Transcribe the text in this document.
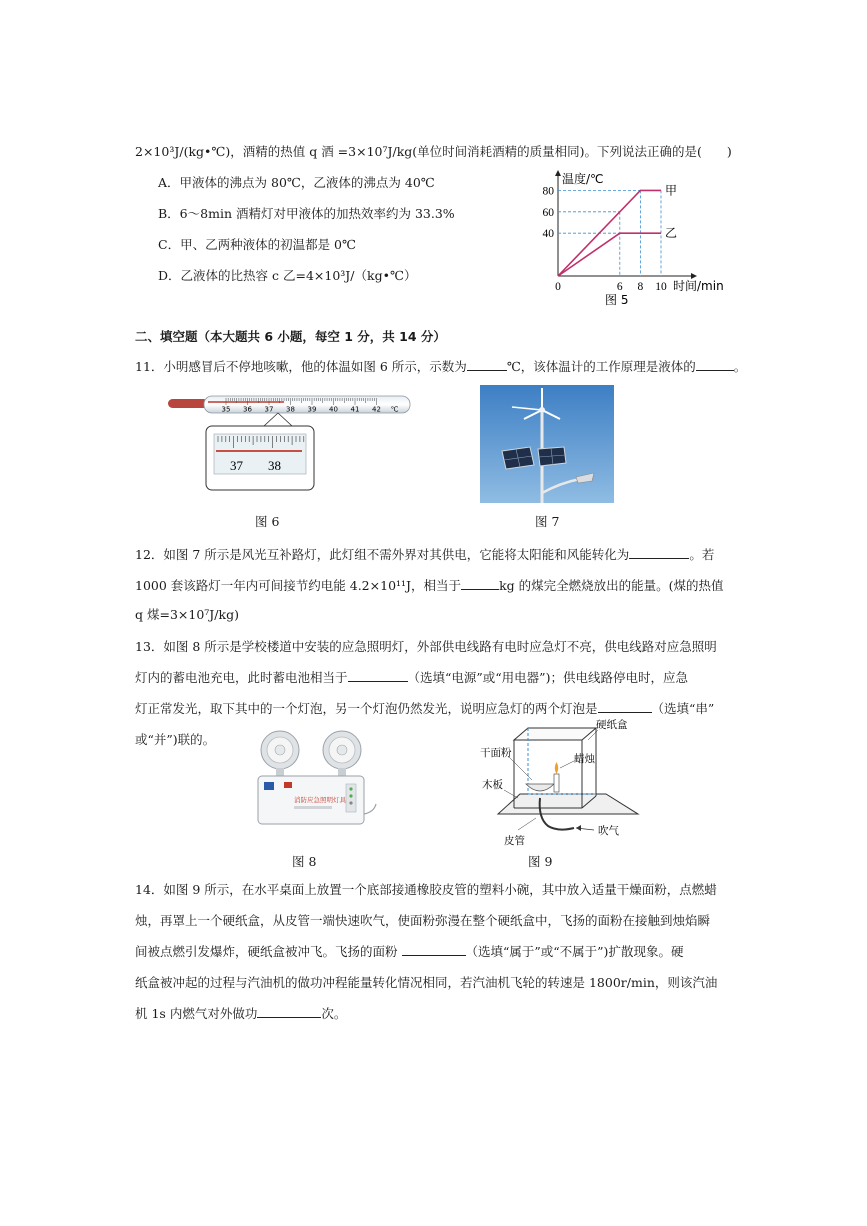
2×10³J/(kg•℃)，酒精的热值 q 酒 =3×10⁷J/kg(单位时间消耗酒精的质量相同)。下列说法正确的是(　　)
A．甲液体的沸点为 80℃，乙液体的沸点为 40℃
B．6～8min 酒精灯对甲液体的加热效率约为 33.3%
C．甲、乙两种液体的初温都是 0℃
D．乙液体的比热容 c 乙=4×10³J/（kg•℃）
温度/℃
时间/min
40
60
80
0	6 8 10
甲
乙
图 5
二、填空题（本大题共 6 小题，每空 1 分，共 14 分）
11．小明感冒后不停地咳嗽，他的体温如图 6 所示，示数为	℃，该体温计的工作原理是液体的	。
35 36 37 38 39 40 41 42 ℃
37 38
图 6	图 7
12．如图 7 所示是风光互补路灯，此灯组不需外界对其供电，它能将太阳能和风能转化为	。若
1000 套该路灯一年内可间接节约电能 4.2×10¹¹J，相当于	kg 的煤完全燃烧放出的能量。(煤的热值
q 煤=3×10⁷J/kg)
13．如图 8 所示是学校楼道中安装的应急照明灯，外部供电线路有电时应急灯不亮，供电线路对应急照明
灯内的蓄电池充电，此时蓄电池相当于	（选填“电源”或“用电器”)；供电线路停电时，应急
灯正常发光，取下其中的一个灯泡，另一个灯泡仍然发光，说明应急灯的两个灯泡是	（选填“串”
或“并”)联的。
消防应急照明灯具
图 8
硬纸盒
蜡烛
干面粉
木板
皮管
吹气
图 9
14．如图 9 所示，在水平桌面上放置一个底部接通橡胶皮管的塑料小碗，其中放入适量干燥面粉，点燃蜡
烛，再罩上一个硬纸盒，从皮管一端快速吹气，使面粉弥漫在整个硬纸盒中，飞扬的面粉在接触到烛焰瞬
间被点燃引发爆炸，硬纸盒被冲飞。飞扬的面粉	（选填“属于”或“不属于”)扩散现象。硬
纸盒被冲起的过程与汽油机的做功冲程能量转化情况相同，若汽油机飞轮的转速是 1800r/min，则该汽油
机 1s 内燃气对外做功	次。
